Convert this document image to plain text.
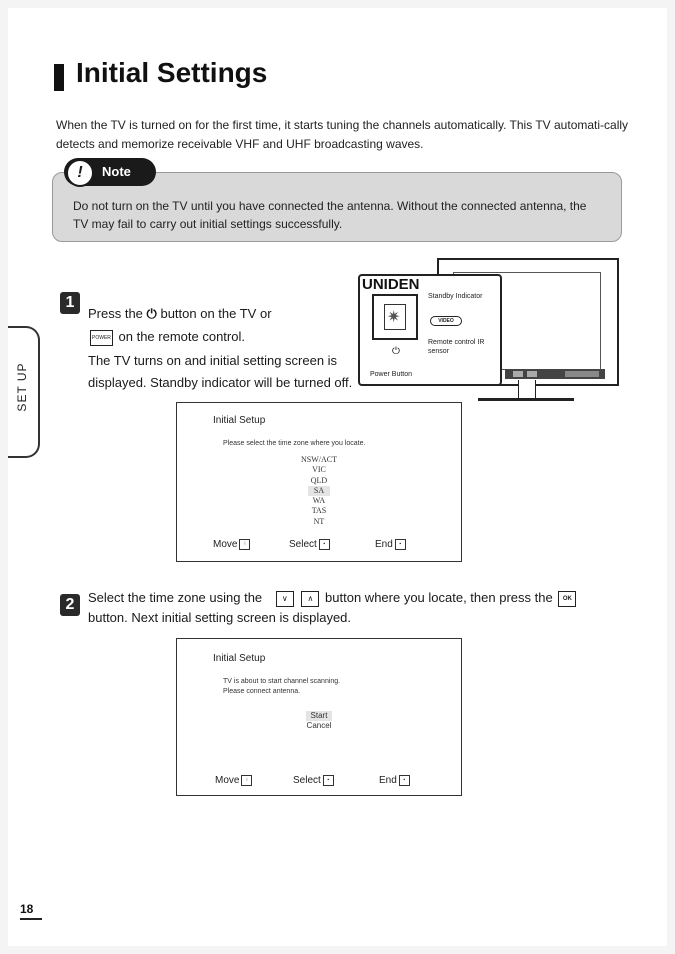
Initial Settings

When the TV is turned on for the first time, it starts tuning the channels automatically. This TV automati-cally detects and memorize receivable VHF and UHF broadcasting waves.

Do not turn on the TV until you have connected the antenna. Without the connected antenna, the TV may fail to carry out initial settings successfully.

!	Note
SET UP
1

Press the ⏻ button on the TV or

POWER on the remote control.

The TV turns on and initial setting screen is displayed. Standby indicator will be turned off.

UNIDEN
✷
Standby Indicator
VIDEO
Remote control IR sensor
⏻
Power Button
Initial Setup
Please select the time zone where you locate.
NSW/ACT
VIC
QLD
SA
WA
TAS
NT
Move ⁝	Select ▪	End ▪
2	Select the time zone using the ∨ ∧ button where you locate, then press the OK

button. Next initial setting screen is displayed.

Initial Setup
TV is about to start channel scanning.
Please connect antenna.
Start
Cancel
Move ⁝	Select ▪	End ▪
18
